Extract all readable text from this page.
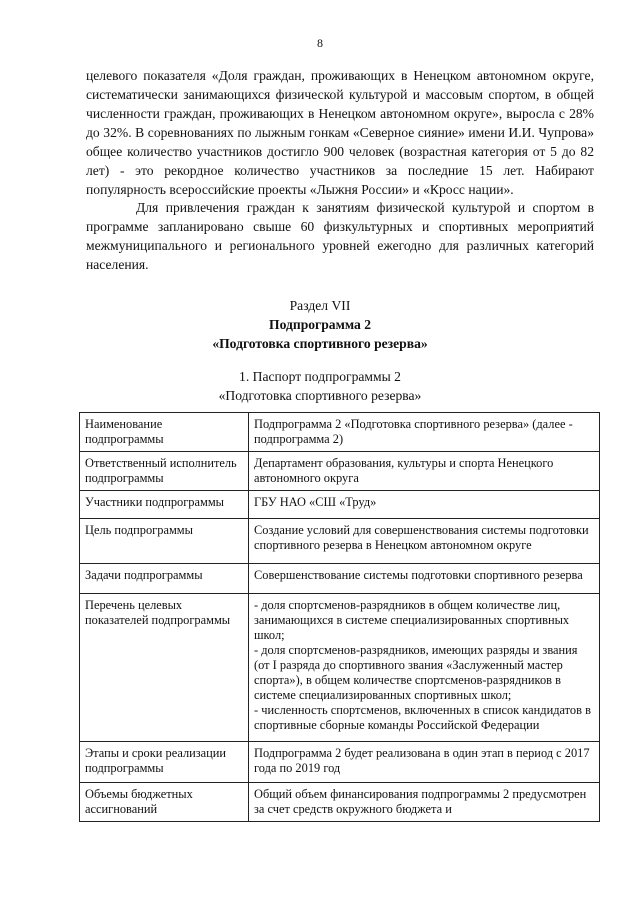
8

целевого показателя «Доля граждан, проживающих в Ненецком автономном округе, систематически занимающихся физической культурой и массовым спортом, в общей численности граждан, проживающих в Ненецком автономном округе», выросла с 28% до 32%. В соревнованиях по лыжным гонкам «Северное сияние» имени И.И. Чупрова» общее количество участников достигло 900 человек (возрастная категория от 5 до 82 лет) - это рекордное количество участников за последние 15 лет. Набирают популярность всероссийские проекты «Лыжня России» и «Кросс нации».

Для привлечения граждан к занятиям физической культурой и спортом в программе запланировано свыше 60 физкультурных и спортивных мероприятий межмуниципального и регионального уровней ежегодно для различных категорий населения.

Раздел VII
Подпрограмма 2
«Подготовка спортивного резерва»
1. Паспорт подпрограммы 2
«Подготовка спортивного резерва»
Наименование подпрограммы	Подпрограмма 2 «Подготовка спортивного резерва» (далее - подпрограмма 2)
Ответственный исполнитель подпрограммы	Департамент образования, культуры и спорта Ненецкого автономного округа
Участники подпрограммы	ГБУ НАО «СШ «Труд»
Цель подпрограммы	Создание условий для совершенствования системы подготовки спортивного резерва в Ненецком автономном округе
Задачи подпрограммы	Совершенствование системы подготовки спортивного резерва
Перечень целевых показателей подпрограммы	- доля спортсменов-разрядников в общем количестве лиц, занимающихся в системе специализированных спортивных школ;
- доля спортсменов-разрядников, имеющих разряды и звания (от I разряда до спортивного звания «Заслуженный мастер спорта»), в общем количестве спортсменов-разрядников в системе специализированных спортивных школ;
- численность спортсменов, включенных в список кандидатов в спортивные сборные команды Российской Федерации
Этапы и сроки реализации подпрограммы	Подпрограмма 2 будет реализована в один этап в период с 2017 года по 2019 год
Объемы бюджетных ассигнований	Общий объем финансирования подпрограммы 2 предусмотрен за счет средств окружного бюджета и
